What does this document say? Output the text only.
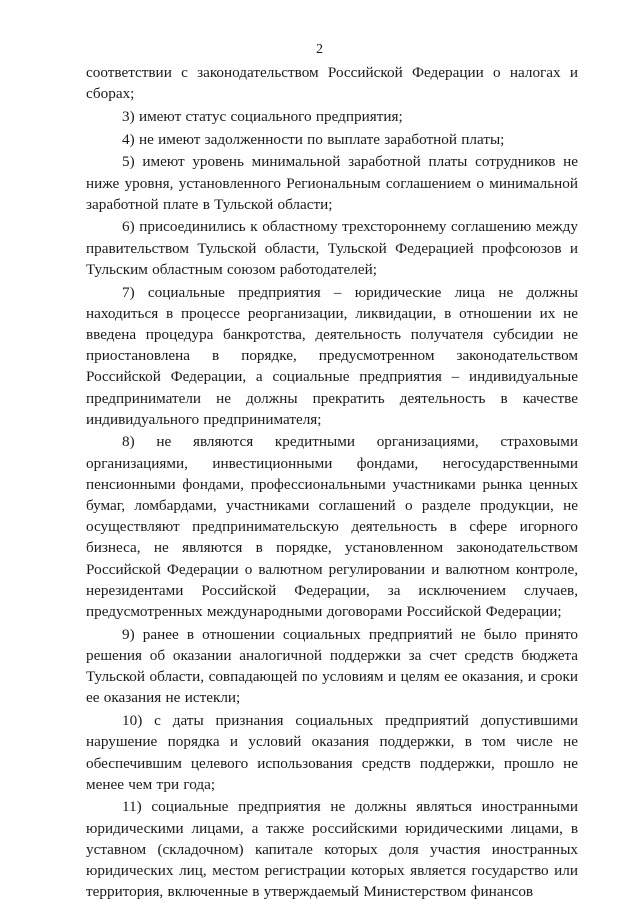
2

соответствии с законодательством Российской Федерации о налогах и сборах;

3) имеют статус социального предприятия;

4) не имеют задолженности по выплате заработной платы;

5) имеют уровень минимальной заработной платы сотрудников не ниже уровня, установленного Региональным соглашением о минимальной заработной плате в Тульской области;

6) присоединились к областному трехстороннему соглашению между правительством Тульской области, Тульской Федерацией профсоюзов и Тульским областным союзом работодателей;

7) социальные предприятия – юридические лица не должны находиться в процессе реорганизации, ликвидации, в отношении их не введена процедура банкротства, деятельность получателя субсидии не приостановлена в порядке, предусмотренном законодательством Российской Федерации, а социальные предприятия – индивидуальные предприниматели не должны прекратить деятельность в качестве индивидуального предпринимателя;

8) не являются кредитными организациями, страховыми организациями, инвестиционными фондами, негосударственными пенсионными фондами, профессиональными участниками рынка ценных бумаг, ломбардами, участниками соглашений о разделе продукции, не осуществляют предпринимательскую деятельность в сфере игорного бизнеса, не являются в порядке, установленном законодательством Российской Федерации о валютном регулировании и валютном контроле, нерезидентами Российской Федерации, за исключением случаев, предусмотренных международными договорами Российской Федерации;

9) ранее в отношении социальных предприятий не было принято решения об оказании аналогичной поддержки за счет средств бюджета Тульской области, совпадающей по условиям и целям ее оказания, и сроки ее оказания не истекли;

10) с даты признания социальных предприятий допустившими нарушение порядка и условий оказания поддержки, в том числе не обеспечившим целевого использования средств поддержки, прошло не менее чем три года;

11) социальные предприятия не должны являться иностранными юридическими лицами, а также российскими юридическими лицами, в уставном (складочном) капитале которых доля участия иностранных юридических лиц, местом регистрации которых является государство или территория, включенные в утверждаемый Министерством финансов
